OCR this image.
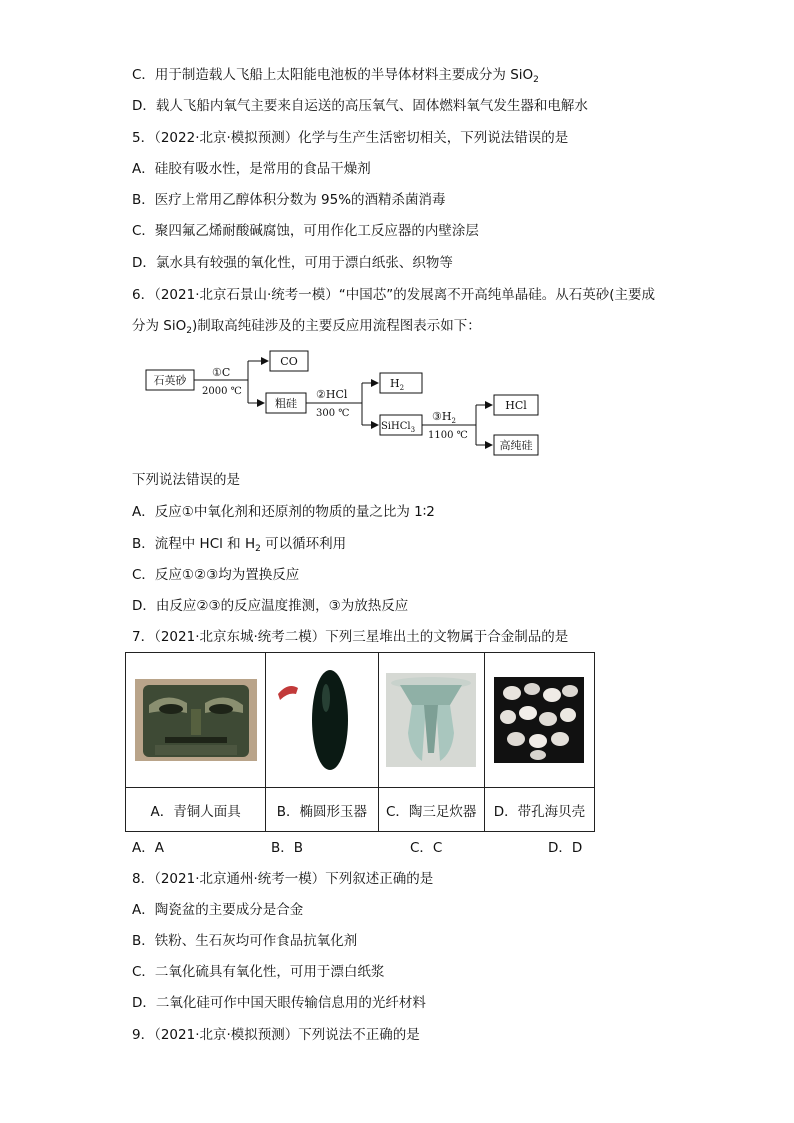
C．用于制造载人飞船上太阳能电池板的半导体材料主要成分为 SiO$_2$
D．载人飞船内氧气主要来自运送的高压氧气、固体燃料氧气发生器和电解水
5．（2022·北京·模拟预测）化学与生产生活密切相关，下列说法错误的是
A．硅胶有吸水性，是常用的食品干燥剂
B．医疗上常用乙醇体积分数为 95%的酒精杀菌消毒
C．聚四氟乙烯耐酸碱腐蚀，可用作化工反应器的内壁涂层
D．氯水具有较强的氧化性，可用于漂白纸张、织物等
6．（2021·北京石景山·统考一模）“中国芯”的发展离不开高纯单晶硅。从石英砂(主要成
分为 SiO$_2$)制取高纯硅涉及的主要反应用流程图表示如下：
石英砂
CO
粗硅
$H_2$
SiHCl$_3$
HCl
高纯硅
①C
2000 ℃	②HCl
300 ℃	$③H_2$
1100 ℃
下列说法错误的是
A．反应①中氧化剂和还原剂的物质的量之比为 1∶2
B．流程中 HCl 和 $H_2$ 可以循环利用
C．反应①②③均为置换反应
D．由反应②③的反应温度推测，③为放热反应
7．（2021·北京东城·统考二模）下列三星堆出土的文物属于合金制品的是

A．青铜人面具	B．椭圆形玉器	C．陶三足炊器	D．带孔海贝壳
A．A	B．B	C．C	D．D
8．（2021·北京通州·统考一模）下列叙述正确的是
A．陶瓷盆的主要成分是合金
B．铁粉、生石灰均可作食品抗氧化剂
C．二氧化硫具有氧化性，可用于漂白纸浆
D．二氧化硅可作中国天眼传输信息用的光纤材料
9．（2021·北京·模拟预测）下列说法不正确的是
